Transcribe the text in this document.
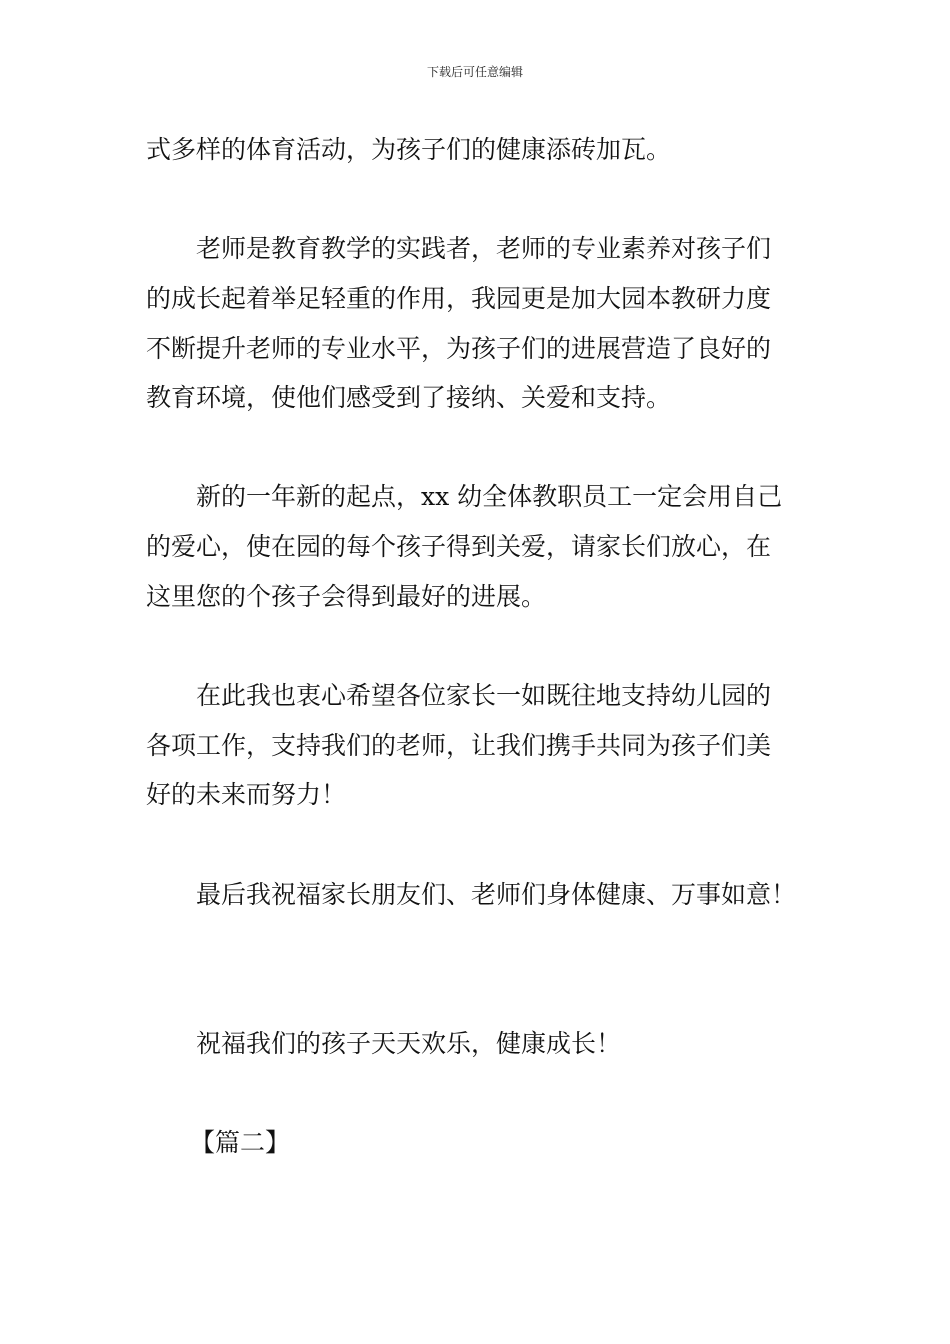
下载后可任意编辑
式多样的体育活动，为孩子们的健康添砖加瓦。
老师是教育教学的实践者，老师的专业素养对孩子们
的成长起着举足轻重的作用，我园更是加大园本教研力度
不断提升老师的专业水平，为孩子们的进展营造了良好的
教育环境，使他们感受到了接纳、关爱和支持。
新的一年新的起点，xx 幼全体教职员工一定会用自己
的爱心，使在园的每个孩子得到关爱，请家长们放心，在
这里您的个孩子会得到最好的进展。
在此我也衷心希望各位家长一如既往地支持幼儿园的
各项工作，支持我们的老师，让我们携手共同为孩子们美
好的未来而努力！
最后我祝福家长朋友们、老师们身体健康、万事如意！
祝福我们的孩子天天欢乐，健康成长！
【篇二】
